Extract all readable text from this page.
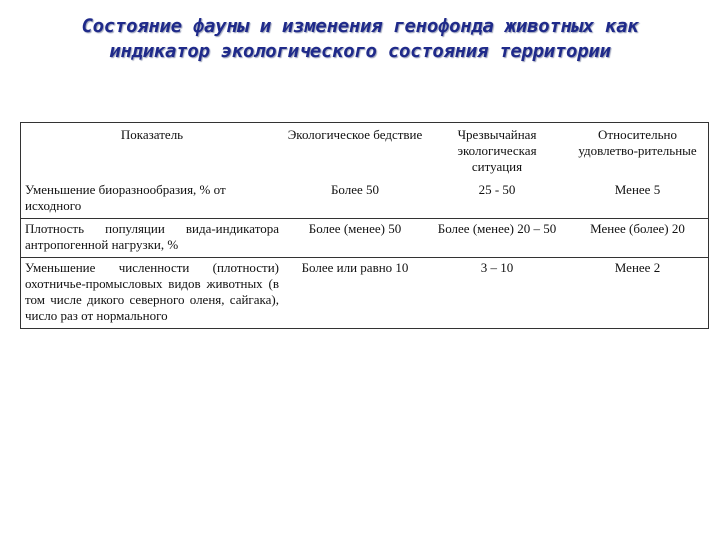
Состояние фауны и изменения генофонда животных как
индикатор экологического состояния территории
Показатель	Экологическое бедствие	Чрезвычайная экологическая ситуация	Относительно удовлетво-рительные
Уменьшение биоразнообразия, % от исходного	Более 50	25 - 50	Менее 5
Плотность популяции вида-индикатора антропогенной нагрузки, %	Более (менее) 50	Более (менее) 20 – 50	Менее (более) 20
Уменьшение численности (плотности) охотничье-промысловых видов животных (в том числе дикого северного оленя, сайгака), число раз от нормального	Более или равно 10	3 – 10	Менее 2
